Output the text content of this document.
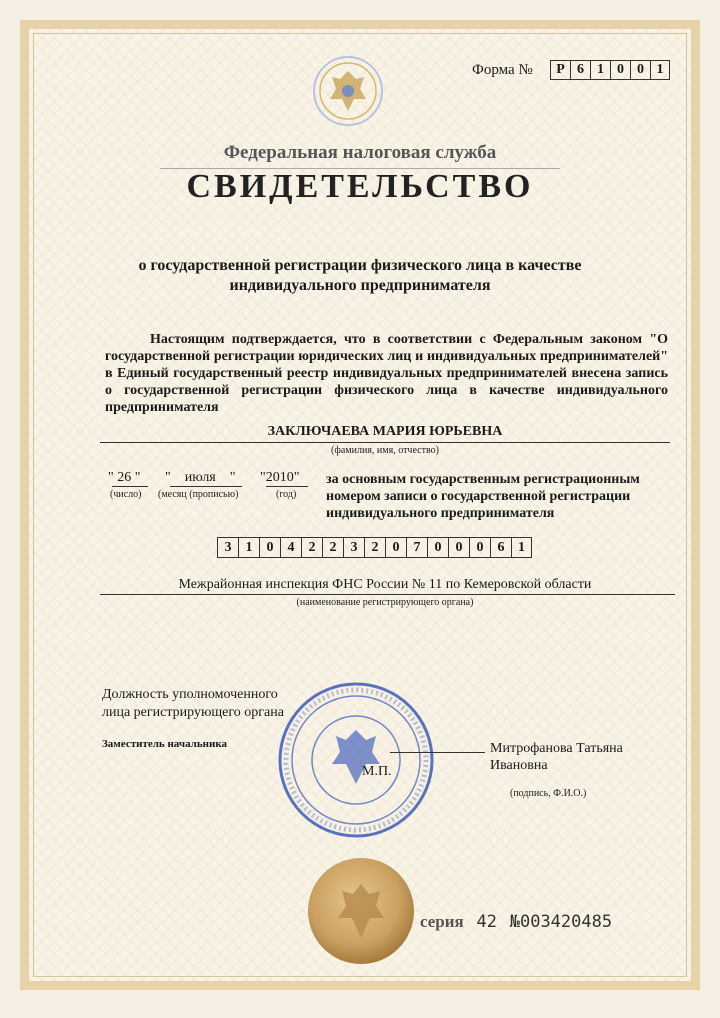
Форма №	Р 6 1 0 0 1
Федеральная налоговая служба
СВИДЕТЕЛЬСТВО
о государственной регистрации физического лица в качестве индивидуального предпринимателя

Настоящим подтверждается, что в соответствии с Федеральным законом "О государственной регистрации юридических лиц и индивидуальных предпринимателей" в Единый государственный реестр индивидуальных предпринимателей внесена запись о государственной регистрации физического лица в качестве индивидуального предпринимателя

ЗАКЛЮЧАЕВА МАРИЯ ЮРЬЕВНА
(фамилия, имя, отчество)
" 26 "
(число)
" июля "
(месяц (прописью)
"2010"
(год)
за основным государственным регистрационным номером записи о государственной регистрации индивидуального предпринимателя
3	1	0	4	2	2	3	2	0	7	0	0	0	6 1
Межрайонная инспекция ФНС России № 11 по Кемеровской области
(наименование регистрирующего органа)
Должность уполномоченного лица регистрирующего органа
Заместитель начальника
М.П.
Митрофанова Татьяна Ивановна
(подпись, Ф.И.О.)
серия 42 №003420485
